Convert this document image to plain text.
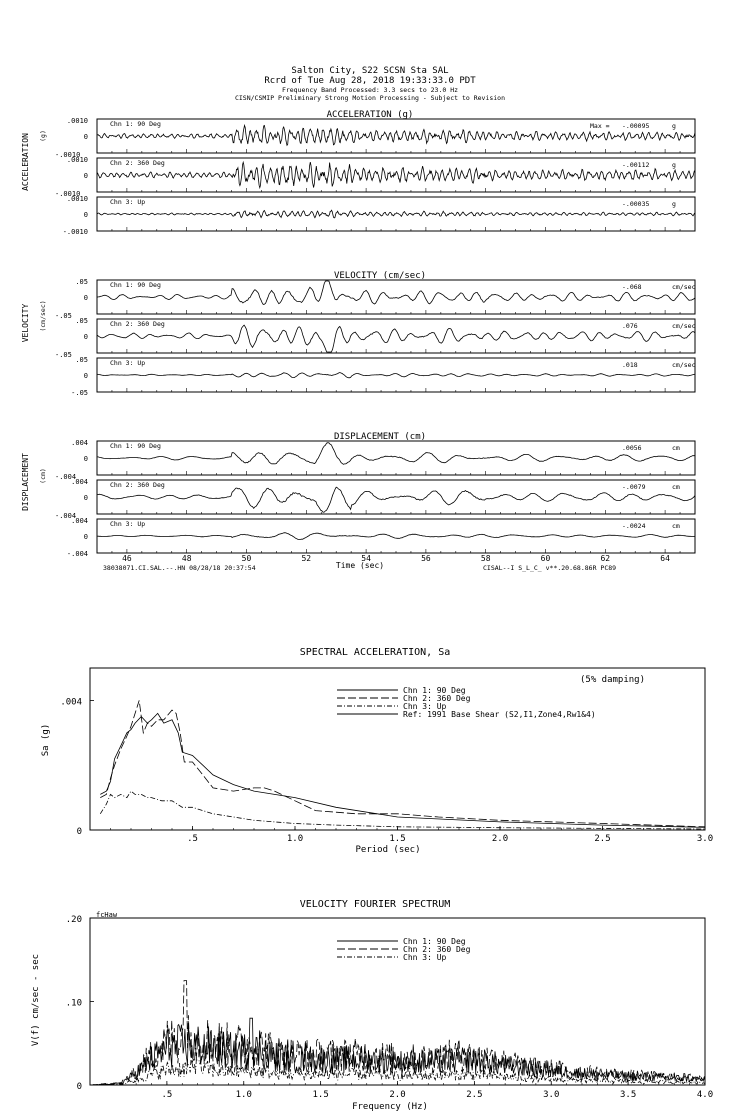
Salton City, S22 SCSN Sta SAL
Rcrd of Tue Aug 28, 2018 19:33:33.0 PDT
Frequency Band Processed: 3.3 secs to 23.0 Hz
CISN/CSMIP Preliminary Strong Motion Processing - Subject to Revision
ACCELERATION (g)
ACCELERATION (g)
.0010
0
-.0010
Chn 1: 90 Deg	Max = -.00095	g
.0010
0
-.0010
Chn 2: 360 Deg	-.00112	g
.0010
0
-.0010
Chn 3: Up	-.00035	g
VELOCITY (cm/sec)
VELOCITY (cm/sec)
.05
0
-.05
Chn 1: 90 Deg	-.068	cm/sec
.05
0
-.05
Chn 2: 360 Deg	.076	cm/sec
.05
0
-.05
Chn 3: Up	.018	cm/sec
DISPLACEMENT (cm)
DISPLACEMENT (cm)
.004
0
-.004
Chn 1: 90 Deg	.0056	cm
.004
0
-.004
Chn 2: 360 Deg	-.0079	cm
.004
0
-.004
Chn 3: Up	-.0024	cm
46	48	50	52	54	56	58	60	62	64
Time (sec)
38038071.CI.SAL.--.HN 08/28/18 20:37:54	CISAL--I S_L_C_ v**.20.68.86R PC89
SPECTRAL ACCELERATION, Sa
(5% damping)
Sa (g)
Period (sec)
.5	1.0	1.5	2.0	2.5	3.0
0
.004
Chn 1: 90 Deg
Chn 2: 360 Deg
Chn 3: Up
Ref: 1991 Base Shear (S2,I1,Zone4,Rw1&4)
VELOCITY FOURIER SPECTRUM
fcHaw
V(f) cm/sec - sec
Frequency (Hz)
.5	1.0	1.5	2.0	2.5	3.0	3.5	4.0
0
.10
.20
Chn 1: 90 Deg
Chn 2: 360 Deg
Chn 3: Up
